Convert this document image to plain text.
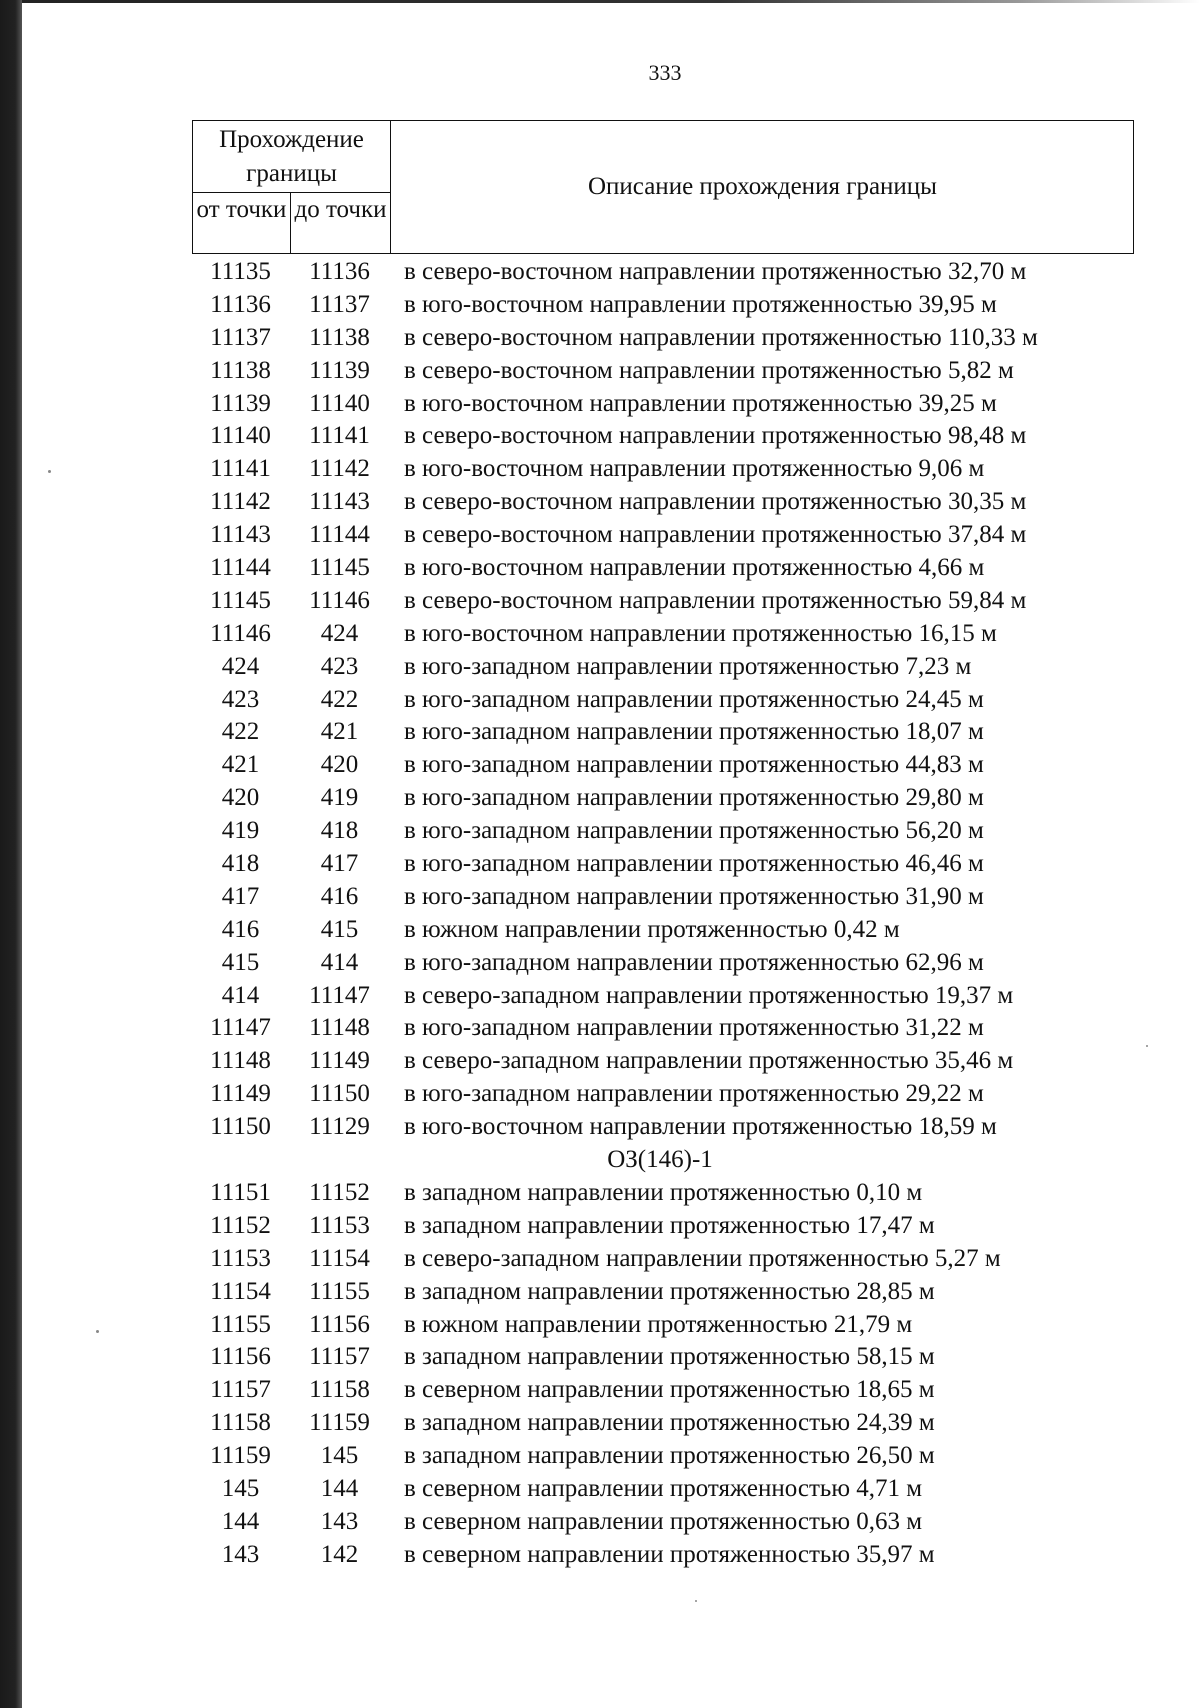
333
Прохождение границы
от точки до точки
Описание прохождения границы
11135	11136	в северо-восточном направлении протяженностью 32,70 м
11136	11137	в юго-восточном направлении протяженностью 39,95 м
11137	11138	в северо-восточном направлении протяженностью 110,33 м
11138	11139	в северо-восточном направлении протяженностью 5,82 м
11139	11140	в юго-восточном направлении протяженностью 39,25 м
11140	11141	в северо-восточном направлении протяженностью 98,48 м
11141	11142	в юго-восточном направлении протяженностью 9,06 м
11142	11143	в северо-восточном направлении протяженностью 30,35 м
11143	11144	в северо-восточном направлении протяженностью 37,84 м
11144	11145	в юго-восточном направлении протяженностью 4,66 м
11145	11146	в северо-восточном направлении протяженностью 59,84 м
11146	424	в юго-восточном направлении протяженностью 16,15 м
424	423	в юго-западном направлении протяженностью 7,23 м
423	422	в юго-западном направлении протяженностью 24,45 м
422	421	в юго-западном направлении протяженностью 18,07 м
421	420	в юго-западном направлении протяженностью 44,83 м
420	419	в юго-западном направлении протяженностью 29,80 м
419	418	в юго-западном направлении протяженностью 56,20 м
418	417	в юго-западном направлении протяженностью 46,46 м
417	416	в юго-западном направлении протяженностью 31,90 м
416	415	в южном направлении протяженностью 0,42 м
415	414	в юго-западном направлении протяженностью 62,96 м
414	11147	в северо-западном направлении протяженностью 19,37 м
11147	11148	в юго-западном направлении протяженностью 31,22 м
11148	11149	в северо-западном направлении протяженностью 35,46 м
11149	11150	в юго-западном направлении протяженностью 29,22 м
11150	11129	в юго-восточном направлении протяженностью 18,59 м
ОЗ(146)-1
11151	11152	в западном направлении протяженностью 0,10 м
11152	11153	в западном направлении протяженностью 17,47 м
11153	11154	в северо-западном направлении протяженностью 5,27 м
11154	11155	в западном направлении протяженностью 28,85 м
11155	11156	в южном направлении протяженностью 21,79 м
11156	11157	в западном направлении протяженностью 58,15 м
11157	11158	в северном направлении протяженностью 18,65 м
11158	11159	в западном направлении протяженностью 24,39 м
11159	145	в западном направлении протяженностью 26,50 м
145	144	в северном направлении протяженностью 4,71 м
144	143	в северном направлении протяженностью 0,63 м
143	142	в северном направлении протяженностью 35,97 м
